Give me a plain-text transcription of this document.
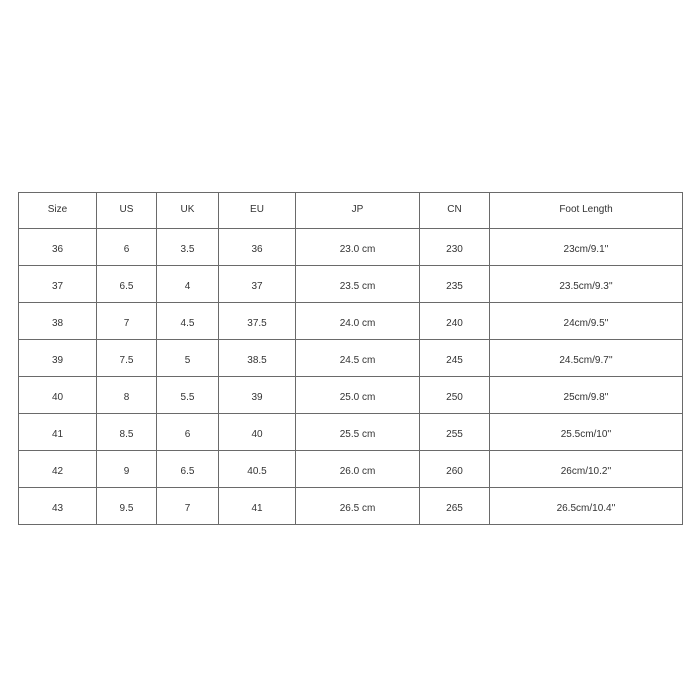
Size	US	UK	EU	JP	CN	Foot Length
36	6	3.5	36	23.0 cm	230	23cm/9.1''
37	6.5	4	37	23.5 cm	235	23.5cm/9.3''
38	7	4.5	37.5	24.0 cm	240	24cm/9.5''
39	7.5	5	38.5	24.5 cm	245	24.5cm/9.7''
40	8	5.5	39	25.0 cm	250	25cm/9.8''
41	8.5	6	40	25.5 cm	255	25.5cm/10''
42	9	6.5	40.5	26.0 cm	260	26cm/10.2''
43	9.5	7	41	26.5 cm	265	26.5cm/10.4''
